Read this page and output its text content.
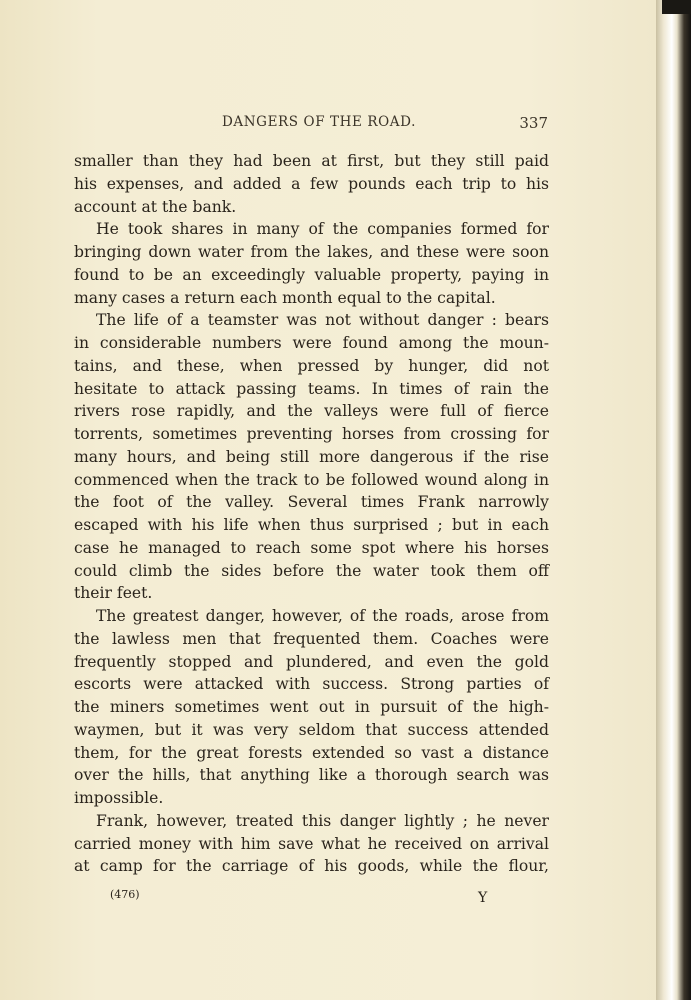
DANGERS OF THE ROAD.	337
smaller than they had been at first, but they still paid
his expenses, and added a few pounds each trip to his
account at the bank.
He took shares in many of the companies formed for
bringing down water from the lakes, and these were soon
found to be an exceedingly valuable property, paying in
many cases a return each month equal to the capital.
The life of a teamster was not without danger : bears
in considerable numbers were found among the moun-
tains, and these, when pressed by hunger, did not
hesitate to attack passing teams. In times of rain the
rivers rose rapidly, and the valleys were full of fierce
torrents, sometimes preventing horses from crossing for
many hours, and being still more dangerous if the rise
commenced when the track to be followed wound along in
the foot of the valley. Several times Frank narrowly
escaped with his life when thus surprised ; but in each
case he managed to reach some spot where his horses
could climb the sides before the water took them off
their feet.
The greatest danger, however, of the roads, arose from
the lawless men that frequented them. Coaches were
frequently stopped and plundered, and even the gold
escorts were attacked with success. Strong parties of
the miners sometimes went out in pursuit of the high-
waymen, but it was very seldom that success attended
them, for the great forests extended so vast a distance
over the hills, that anything like a thorough search was
impossible.
Frank, however, treated this danger lightly ; he never
carried money with him save what he received on arrival
at camp for the carriage of his goods, while the flour,
(476)	Y
